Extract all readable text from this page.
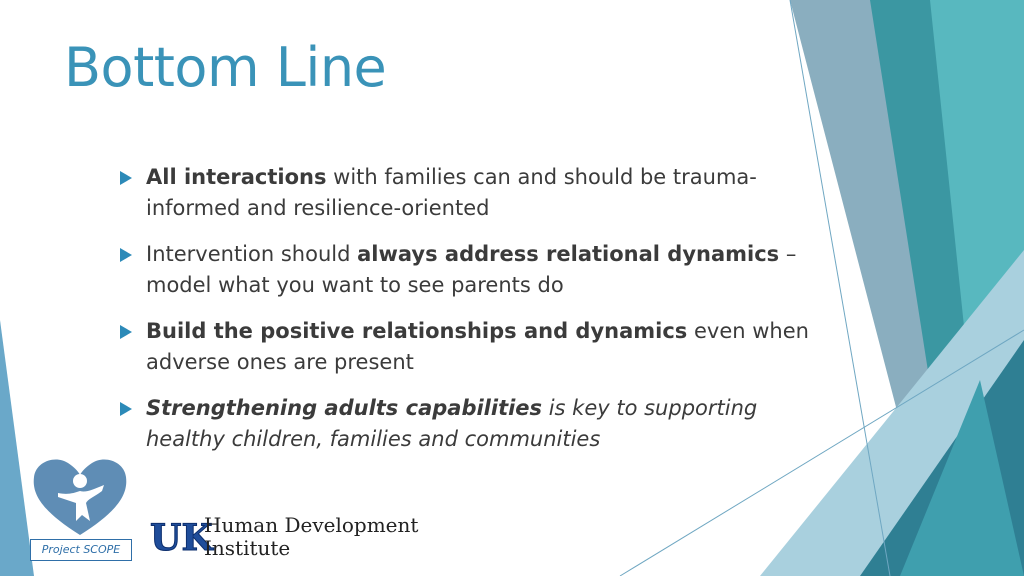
Bottom Line
All interactions with families can and should be trauma-informed and resilience-oriented
Intervention should always address relational dynamics – model what you want to see parents do
Build the positive relationships and dynamics even when adverse ones are present
Strengthening adults capabilities is key to supporting healthy children, families and communities
Project SCOPE UK
Human Development
Institute
